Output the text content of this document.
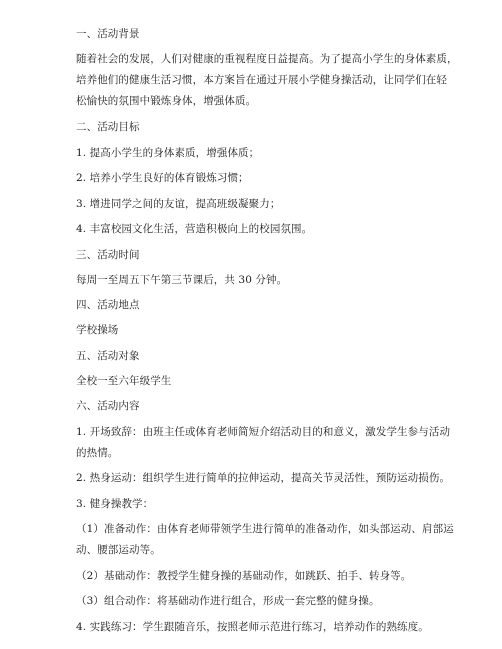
一、活动背景
随着社会的发展，人们对健康的重视程度日益提高。为了提高小学生的身体素质，
培养他们的健康生活习惯，本方案旨在通过开展小学健身操活动，让同学们在轻
松愉快的氛围中锻炼身体，增强体质。
二、活动目标
1. 提高小学生的身体素质，增强体质；
2. 培养小学生良好的体育锻炼习惯；
3. 增进同学之间的友谊，提高班级凝聚力；
4. 丰富校园文化生活，营造积极向上的校园氛围。
三、活动时间
每周一至周五下午第三节课后，共 30 分钟。
四、活动地点
学校操场
五、活动对象
全校一至六年级学生
六、活动内容
1. 开场致辞：由班主任或体育老师简短介绍活动目的和意义，激发学生参与活动
的热情。
2. 热身运动：组织学生进行简单的拉伸运动，提高关节灵活性，预防运动损伤。
3. 健身操教学：
（1）准备动作：由体育老师带领学生进行简单的准备动作，如头部运动、肩部运
动、腰部运动等。
（2）基础动作：教授学生健身操的基础动作，如跳跃、拍手、转身等。
（3）组合动作：将基础动作进行组合，形成一套完整的健身操。
4. 实践练习：学生跟随音乐，按照老师示范进行练习，培养动作的熟练度。
